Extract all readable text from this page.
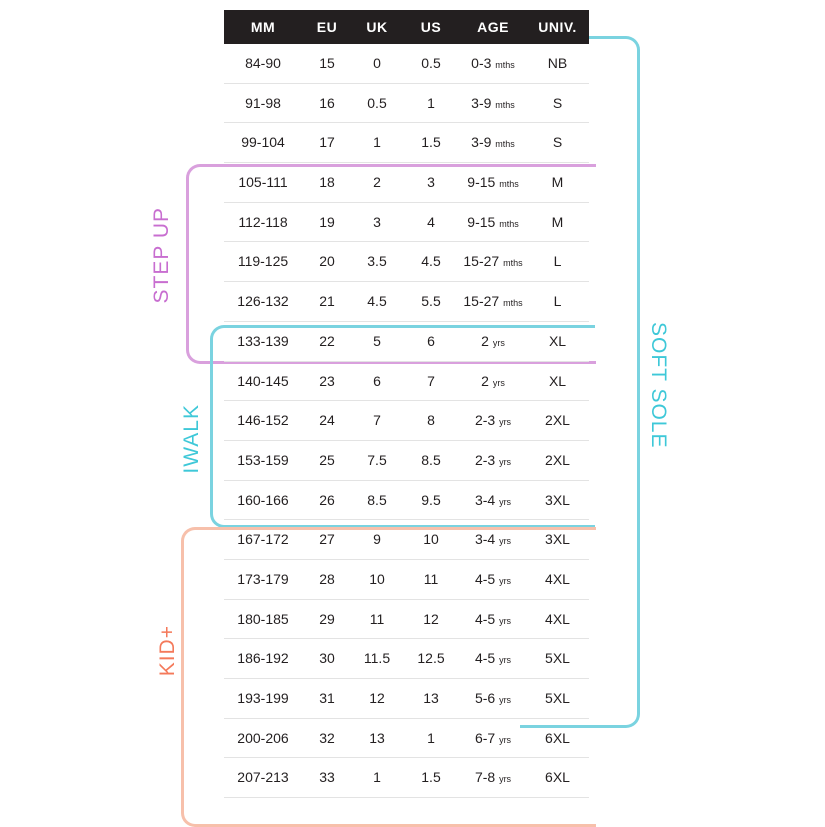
SOFT SOLE
STEP UP
IWALK
KID+
MM	EU	UK	US	AGE	UNIV.
84-90	15	0	0.5	0-3 mths	NB
91-98	16	0.5	1	3-9 mths	S
99-104	17	1	1.5	3-9 mths	S
105-111	18	2	3	9-15 mths	M
112-118	19	3	4	9-15 mths	M
119-125	20	3.5	4.5	15-27 mths	L
126-132	21	4.5	5.5	15-27 mths	L
133-139	22	5	6	2 yrs	XL
140-145	23	6	7	2 yrs	XL
146-152	24	7	8	2-3 yrs	2XL
153-159	25	7.5	8.5	2-3 yrs	2XL
160-166	26	8.5	9.5	3-4 yrs	3XL
167-172	27	9	10	3-4 yrs	3XL
173-179	28	10	11	4-5 yrs	4XL
180-185	29	11	12	4-5 yrs	4XL
186-192	30	11.5	12.5	4-5 yrs	5XL
193-199	31	12	13	5-6 yrs	5XL
200-206	32	13	1	6-7 yrs	6XL
207-213	33	1	1.5	7-8 yrs	6XL
